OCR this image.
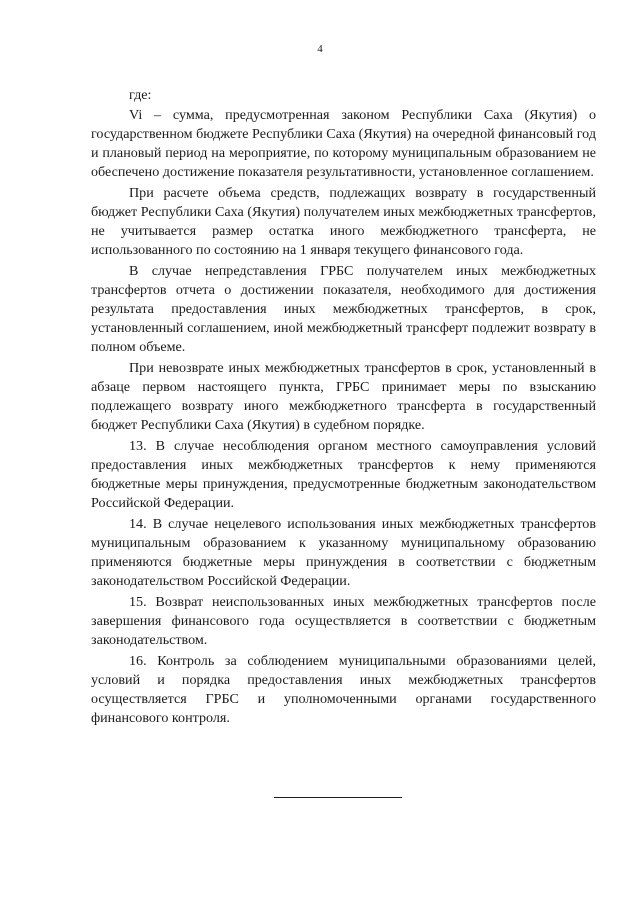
4

где:

Vi – сумма, предусмотренная законом Республики Саха (Якутия) о государственном бюджете Республики Саха (Якутия) на очередной финансовый год и плановый период на мероприятие, по которому муниципальным образованием не обеспечено достижение показателя результативности, установленное соглашением.

При расчете объема средств, подлежащих возврату в государственный бюджет Республики Саха (Якутия) получателем иных межбюджетных трансфертов, не учитывается размер остатка иного межбюджетного трансферта, не использованного по состоянию на 1 января текущего финансового года.

В случае непредставления ГРБС получателем иных межбюджетных трансфертов отчета о достижении показателя, необходимого для достижения результата предоставления иных межбюджетных трансфертов, в срок, установленный соглашением, иной межбюджетный трансферт подлежит возврату в полном объеме.

При невозврате иных межбюджетных трансфертов в срок, установленный в абзаце первом настоящего пункта, ГРБС принимает меры по взысканию подлежащего возврату иного межбюджетного трансферта в государственный бюджет Республики Саха (Якутия) в судебном порядке.

13. В случае несоблюдения органом местного самоуправления условий предоставления иных межбюджетных трансфертов к нему применяются бюджетные меры принуждения, предусмотренные бюджетным законодательством Российской Федерации.

14. В случае нецелевого использования иных межбюджетных трансфертов муниципальным образованием к указанному муниципальному образованию применяются бюджетные меры принуждения в соответствии с бюджетным законодательством Российской Федерации.

15. Возврат неиспользованных иных межбюджетных трансфертов после завершения финансового года осуществляется в соответствии с бюджетным законодательством.

16. Контроль за соблюдением муниципальными образованиями целей, условий и порядка предоставления иных межбюджетных трансфертов осуществляется ГРБС и уполномоченными органами государственного финансового контроля.
